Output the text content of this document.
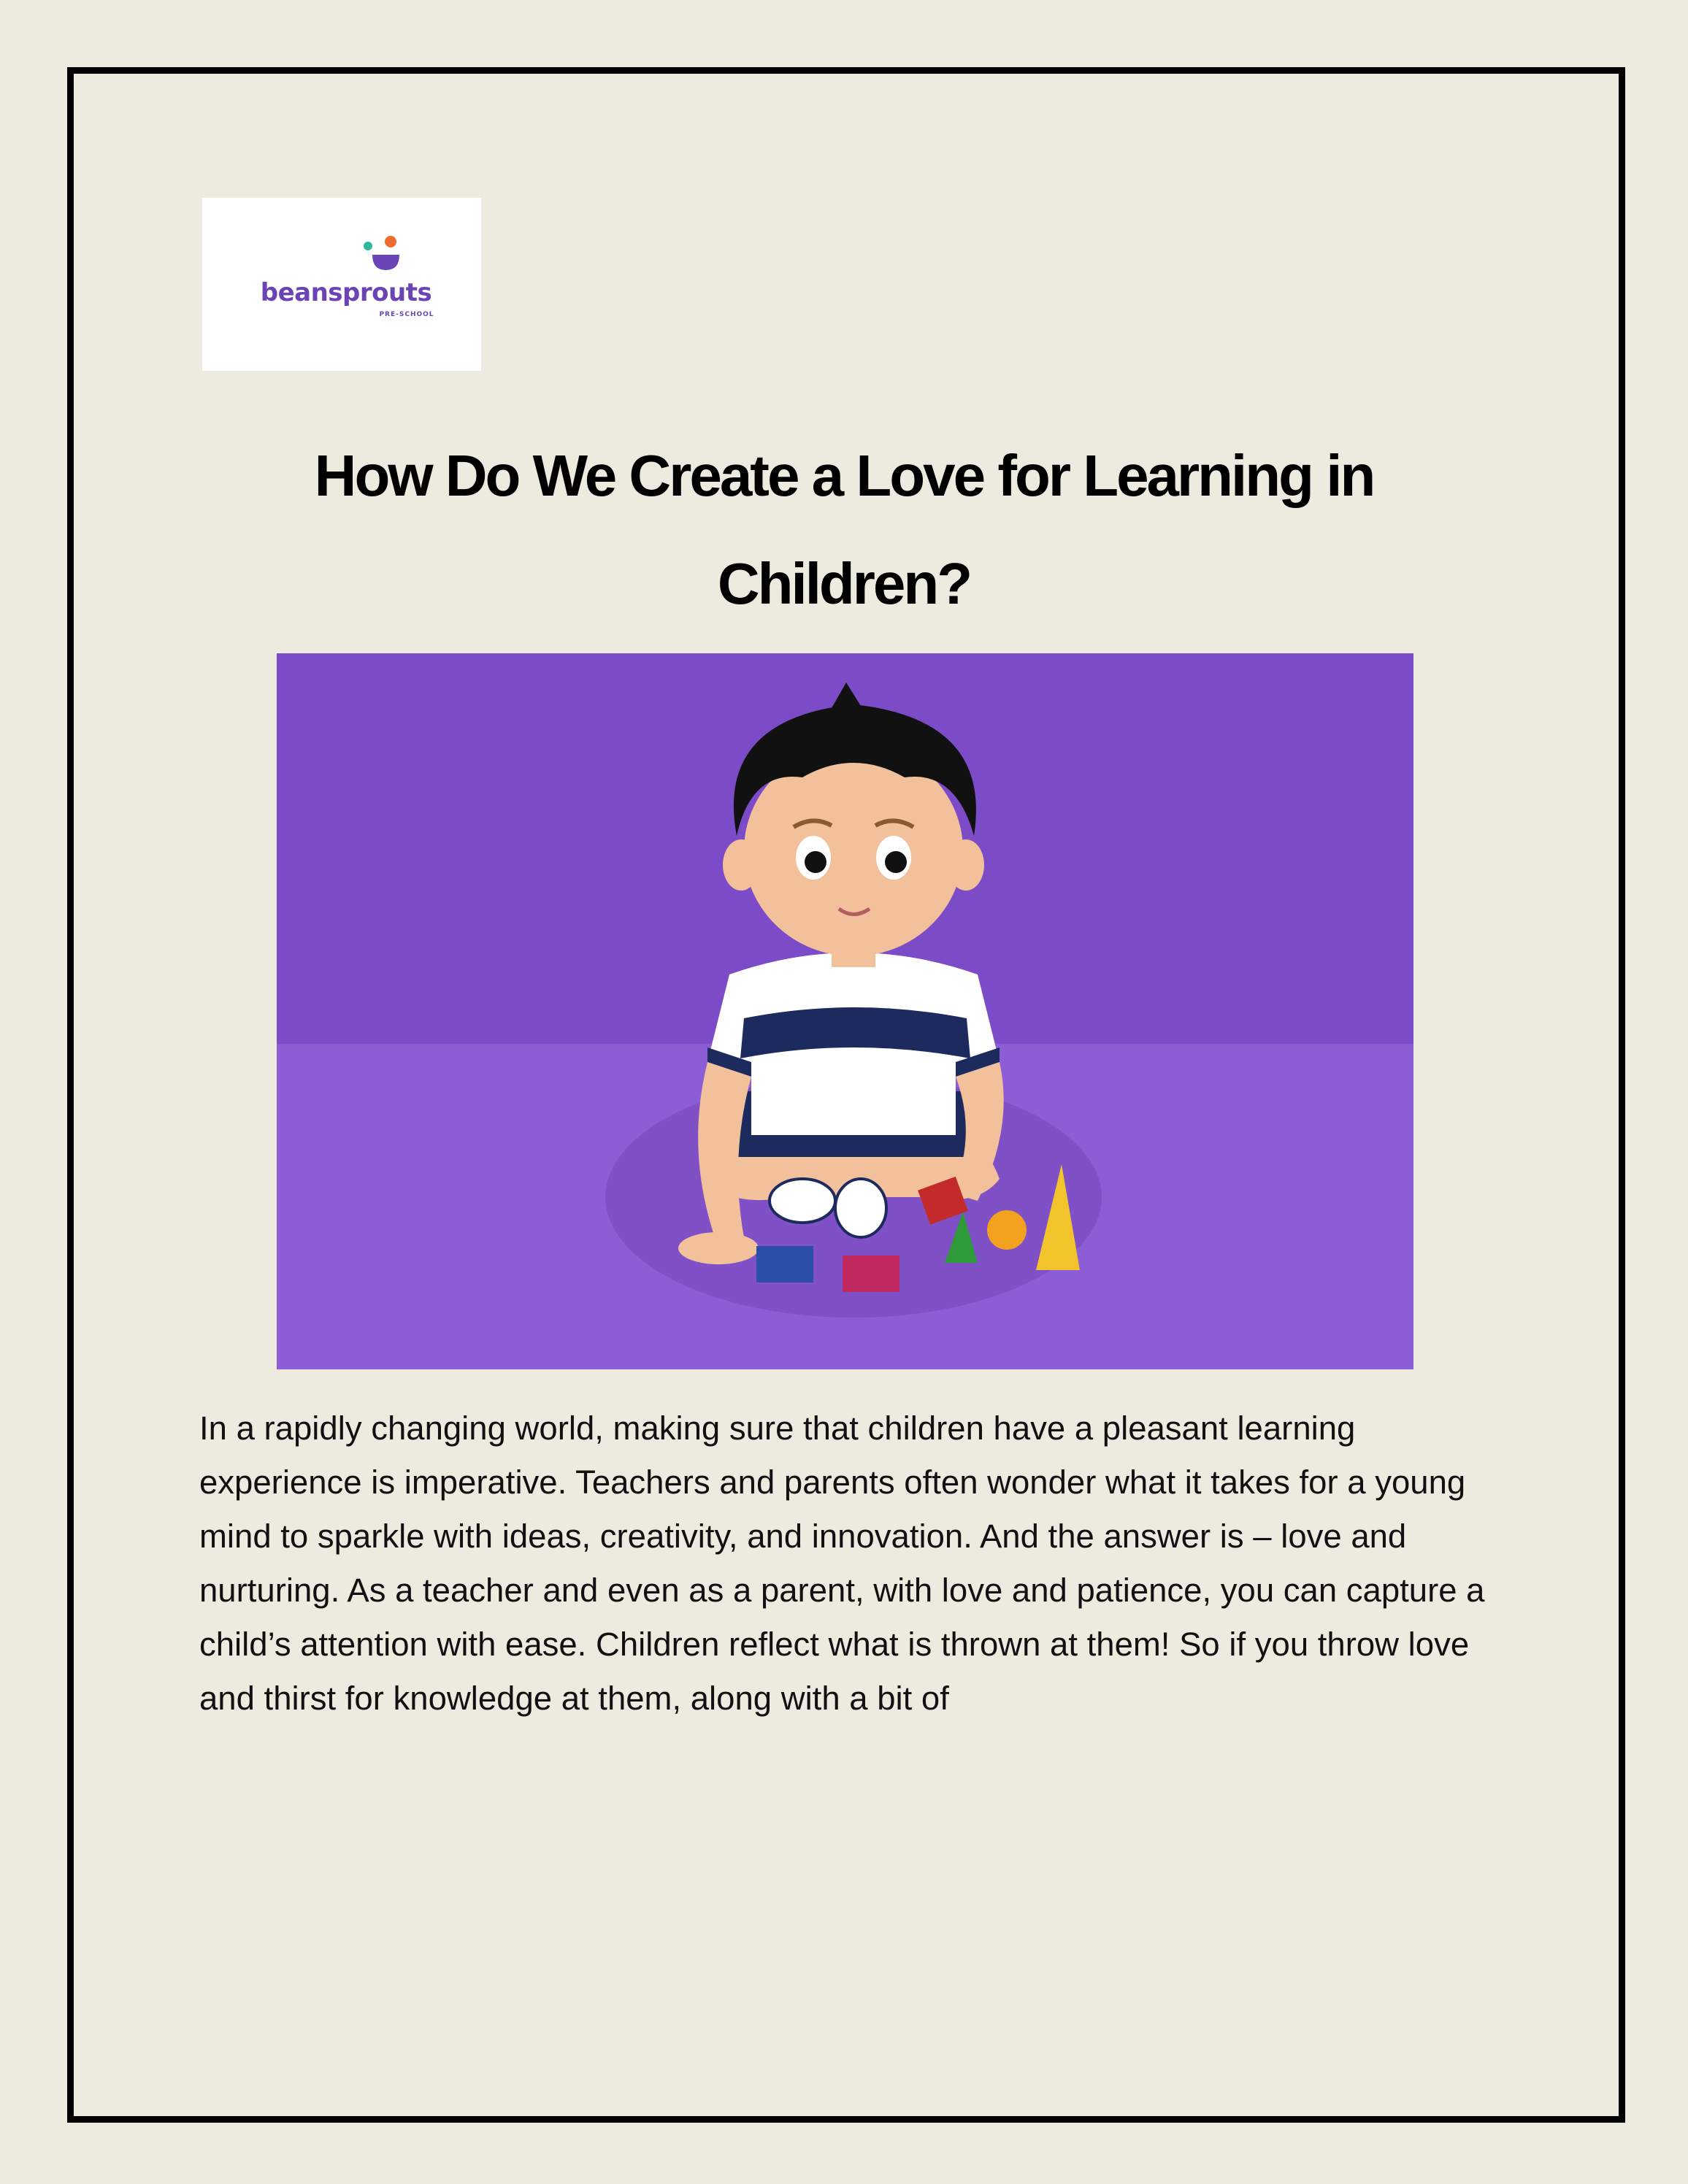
beansprouts
PRE-SCHOOL
How Do We Create a Love for Learning in Children?

In a rapidly changing world, making sure that children have a pleasant learning experience is imperative. Teachers and parents often wonder what it takes for a young mind to sparkle with ideas, creativity, and innovation. And the answer is – love and nurturing. As a teacher and even as a parent, with love and patience, you can capture a child’s attention with ease. Children reflect what is thrown at them! So if you throw love and thirst for knowledge at them, along with a bit of
